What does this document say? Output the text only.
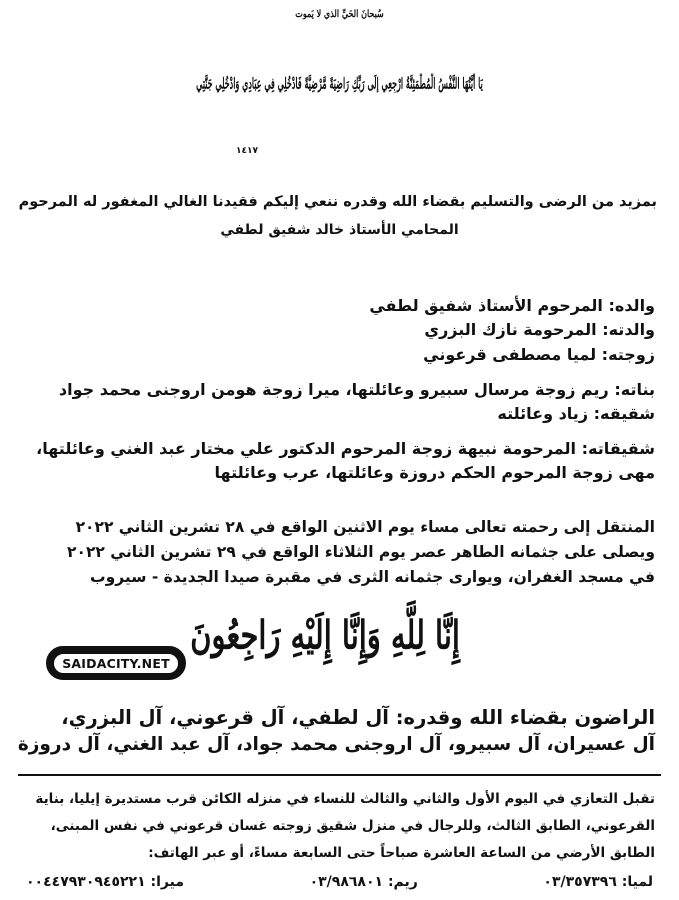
سُبحانَ الحَيِّ الذي لا يَموت
يَا أَيَّتُهَا النَّفْسُ الْمُطْمَئِنَّةُ ارْجِعِي إِلَى رَبِّكِ رَاضِيَةً مَّرْضِيَّةً فَادْخُلِي فِي عِبَادِي وَادْخُلِي جَنَّتِي
١٤١٧
بمزيد من الرضى والتسليم بقضاء الله وقدره ننعي إليكم فقيدنا الغالي المغفور له المرحوم
المحامي الأستاذ خالد شفيق لطفي
والده: المرحوم الأستاذ شفيق لطفي
والدته: المرحومة نازك البزري
زوجته: لميا مصطفى قرعوني
بناته: ريم زوجة مرسال سبيرو وعائلتها، ميرا زوجة هومن اروجنى محمد جواد
شقيقه: زياد وعائلته
شقيقاته: المرحومة نبيهة زوجة المرحوم الدكتور علي مختار عبد الغني وعائلتها،
مهى زوجة المرحوم الحكم دروزة وعائلتها، عرب وعائلتها
المنتقل إلى رحمته تعالى مساء يوم الاثنين الواقع في ٢٨ تشرين الثاني ٢٠٢٢
ويصلى على جثمانه الطاهر عصر يوم الثلاثاء الواقع في ٢٩ تشرين الثاني ٢٠٢٢
في مسجد الغفران، ويوارى جثمانه الثرى في مقبرة صيدا الجديدة - سيروب
إِنَّا لِلَّهِ وَإِنَّا إِلَيْهِ رَاجِعُونَ
SAIDACITY.NET
الراضون بقضاء الله وقدره: آل لطفي، آل قرعوني، آل البزري،
آل عسيران، آل سبيرو، آل اروجنى محمد جواد، آل عبد الغني، آل دروزة
تقبل التعازي في اليوم الأول والثاني والثالث للنساء في منزله الكائن قرب مستديرة إيليا، بناية
القرعوني، الطابق الثالث، وللرجال في منزل شقيق زوجته غسان قرعوني في نفس المبنى،
الطابق الأرضي من الساعة العاشرة صباحاً حتى السابعة مساءً، أو عبر الهاتف:
لميا: ٠٣/٣٥٧٣٩٦
ريم: ٠٣/٩٨٦٨٠١
ميرا: ٠٠٤٤٧٩٣٠٩٤٥٢٢١
